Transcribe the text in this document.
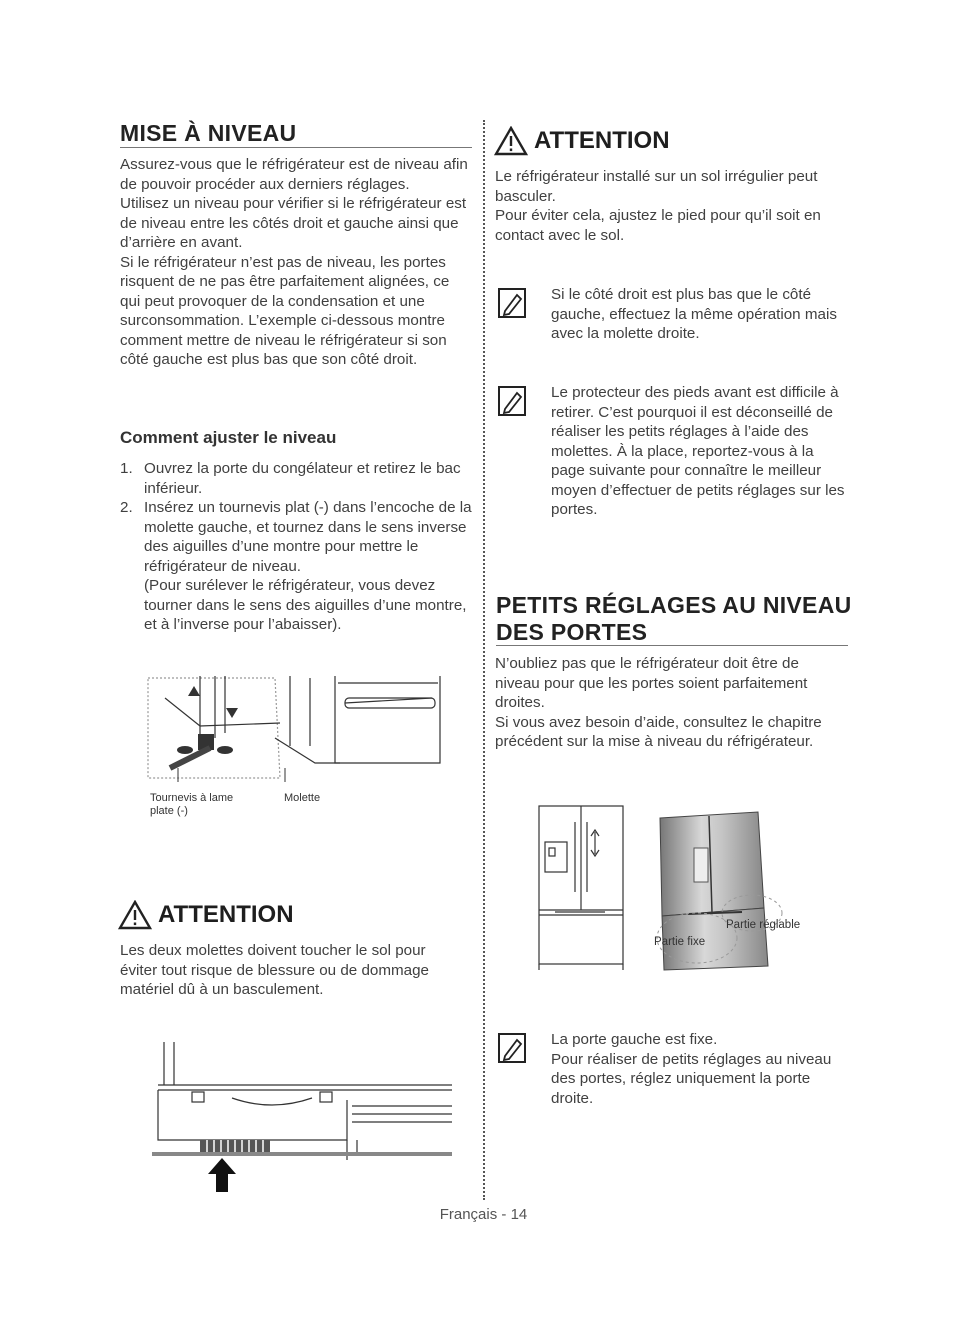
MISE À NIVEAU

Assurez-vous que le réfrigérateur est de niveau afin de pouvoir procéder aux derniers réglages.

Utilisez un niveau pour vérifier si le réfrigérateur est de niveau entre les côtés droit et gauche ainsi que d’arrière en avant.

Si le réfrigérateur n’est pas de niveau, les portes risquent de ne pas être parfaitement alignées, ce qui peut provoquer de la condensation et une surconsommation. L’exemple ci-dessous montre comment mettre de niveau le réfrigérateur si son côté gauche est plus bas que son côté droit.

Comment ajuster le niveau
1. Ouvrez la porte du congélateur et retirez le bac inférieur.
2. Insérez un tournevis plat (-) dans l’encoche de la molette gauche, et tournez dans le sens inverse des aiguilles d’une montre pour mettre le réfrigérateur de niveau.
(Pour surélever le réfrigérateur, vous devez tourner dans le sens des aiguilles d’une montre, et à l’inverse pour l’abaisser).
Tournevis à lame plate (-)
Molette
ATTENTION
Les deux molettes doivent toucher le sol pour éviter tout risque de blessure ou de dommage matériel dû à un basculement.
ATTENTION

Le réfrigérateur installé sur un sol irrégulier peut basculer.

Pour éviter cela, ajustez le pied pour qu’il soit en contact avec le sol.

Si le côté droit est plus bas que le côté gauche, effectuez la même opération mais avec la molette droite.
Le protecteur des pieds avant est difficile à retirer. C’est pourquoi il est déconseillé de réaliser les petits réglages à l’aide des molettes. À la place, reportez-vous à la page suivante pour connaître le meilleur moyen d’effectuer de petits réglages sur les portes.
PETITS RÉGLAGES AU NIVEAU
DES PORTES

N’oubliez pas que le réfrigérateur doit être de niveau pour que les portes soient parfaitement droites.

Si vous avez besoin d’aide, consultez le chapitre précédent sur la mise à niveau du réfrigérateur.

Partie réglable
Partie fixe
La porte gauche est fixe.
Pour réaliser de petits réglages au niveau des portes, réglez uniquement la porte droite.
Français - 14
